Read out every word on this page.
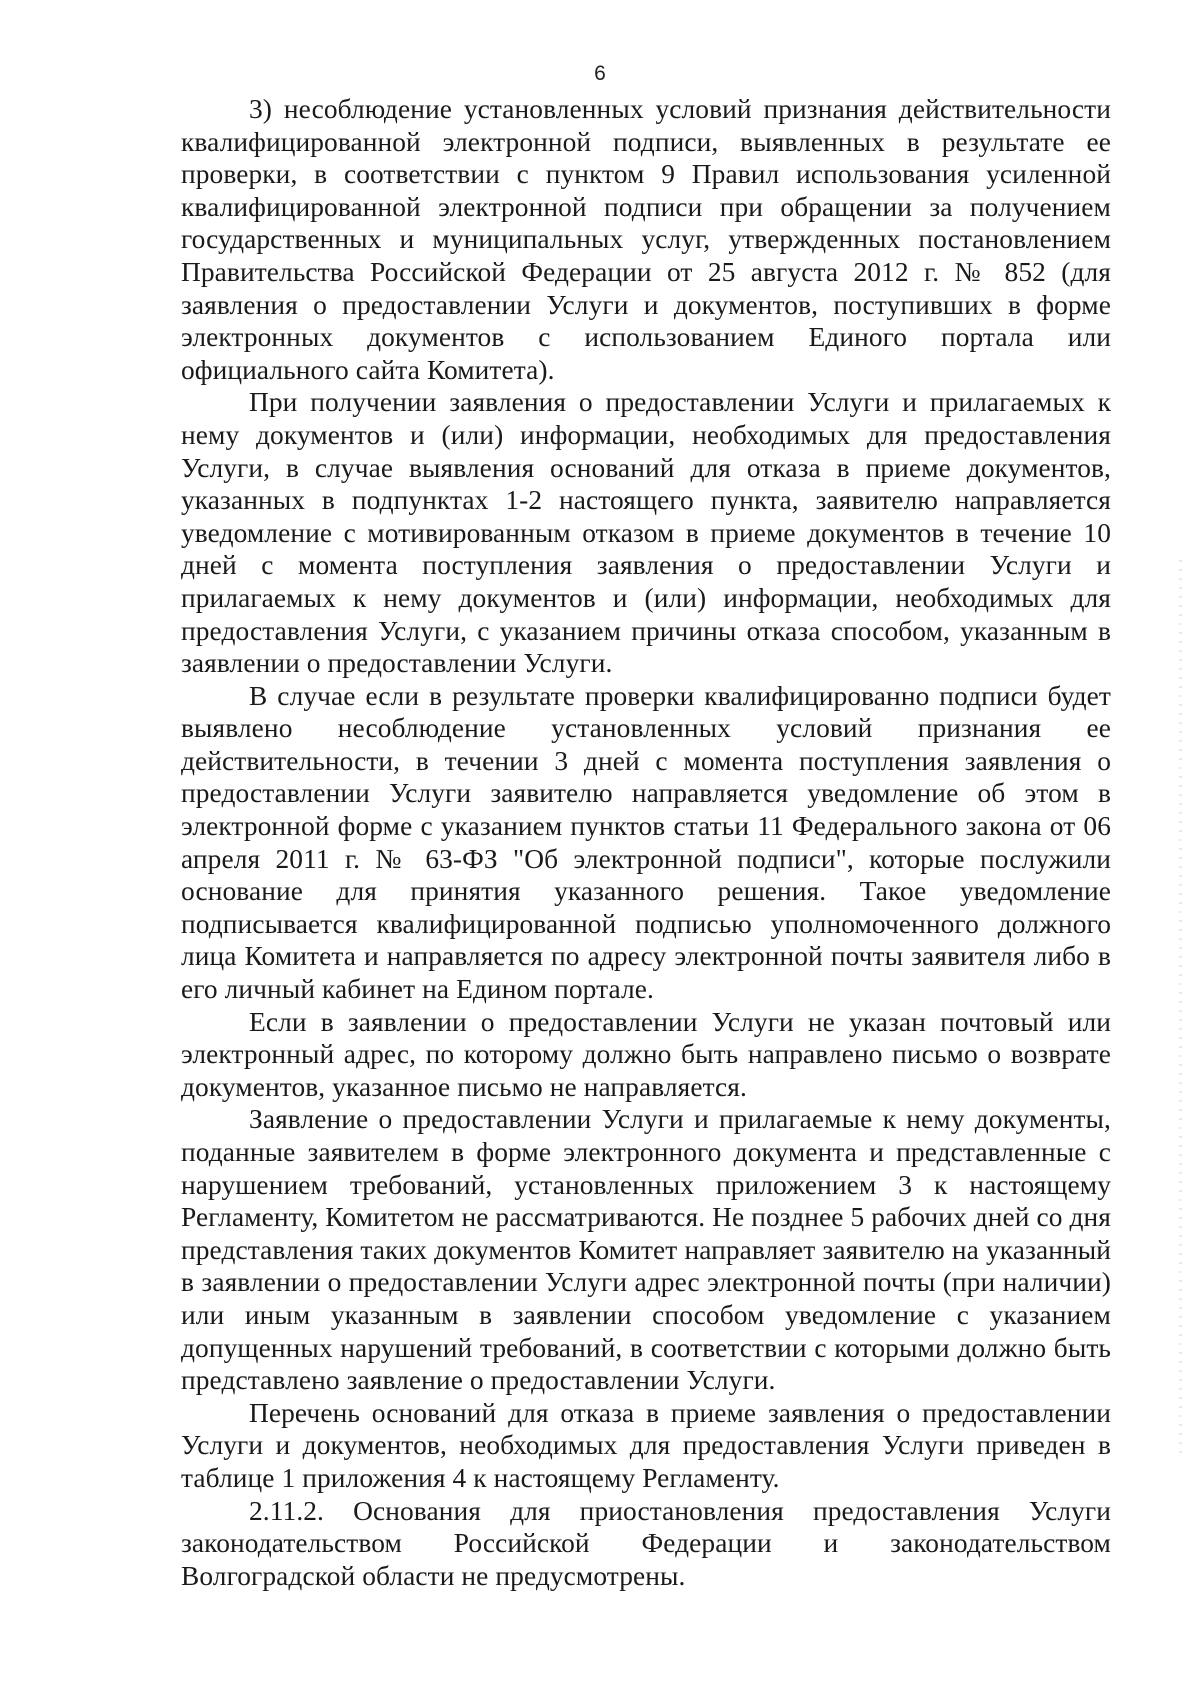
6

3) несоблюдение установленных условий признания действительности квалифицированной электронной подписи, выявленных в результате ее проверки, в соответствии с пунктом 9 Правил использования усиленной квалифицированной электронной подписи при обращении за получением государственных и муниципальных услуг, утвержденных постановлением Правительства Российской Федерации от 25 августа 2012 г. № 852 (для заявления о предоставлении Услуги и документов, поступивших в форме электронных документов с использованием Единого портала или официального сайта Комитета).

При получении заявления о предоставлении Услуги и прилагаемых к нему документов и (или) информации, необходимых для предоставления Услуги, в случае выявления оснований для отказа в приеме документов, указанных в подпунктах 1-2 настоящего пункта, заявителю направляется уведомление с мотивированным отказом в приеме документов в течение 10 дней с момента поступления заявления о предоставлении Услуги и прилагаемых к нему документов и (или) информации, необходимых для предоставления Услуги, с указанием причины отказа способом, указанным в заявлении о предоставлении Услуги.

В случае если в результате проверки квалифицированно подписи будет выявлено несоблюдение установленных условий признания ее действительности, в течении 3 дней с момента поступления заявления о предоставлении Услуги заявителю направляется уведомление об этом в электронной форме с указанием пунктов статьи 11 Федерального закона от 06 апреля 2011 г. № 63-ФЗ "Об электронной подписи", которые послужили основание для принятия указанного решения. Такое уведомление подписывается квалифицированной подписью уполномоченного должного лица Комитета и направляется по адресу электронной почты заявителя либо в его личный кабинет на Едином портале.

Если в заявлении о предоставлении Услуги не указан почтовый или электронный адрес, по которому должно быть направлено письмо о возврате документов, указанное письмо не направляется.

Заявление о предоставлении Услуги и прилагаемые к нему документы, поданные заявителем в форме электронного документа и представленные с нарушением требований, установленных приложением 3 к настоящему Регламенту, Комитетом не рассматриваются. Не позднее 5 рабочих дней со дня представления таких документов Комитет направляет заявителю на указанный в заявлении о предоставлении Услуги адрес электронной почты (при наличии) или иным указанным в заявлении способом уведомление с указанием допущенных нарушений требований, в соответствии с которыми должно быть представлено заявление о предоставлении Услуги.

Перечень оснований для отказа в приеме заявления о предоставлении Услуги и документов, необходимых для предоставления Услуги приведен в таблице 1 приложения 4 к настоящему Регламенту.

2.11.2. Основания для приостановления предоставления Услуги законодательством Российской Федерации и законодательством Волгоградской области не предусмотрены.
